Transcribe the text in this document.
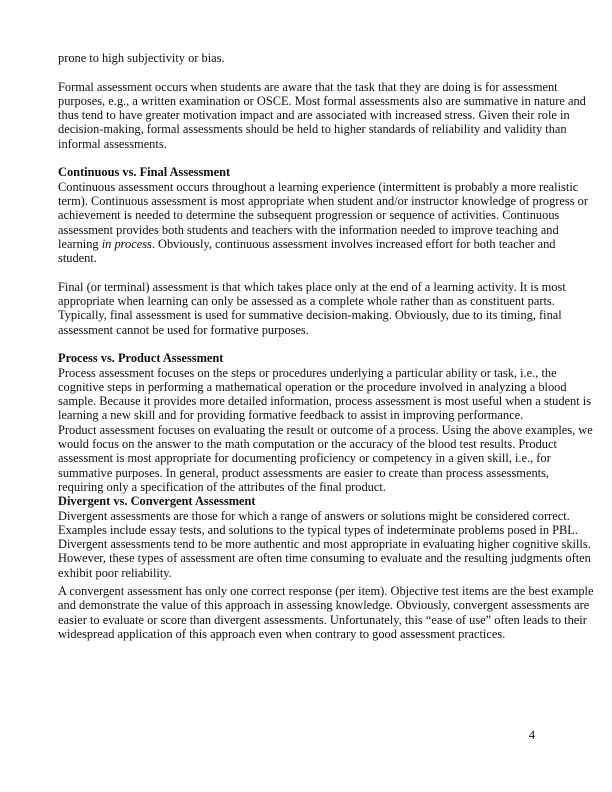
prone to high subjectivity or bias.

Formal assessment occurs when students are aware that the task that they are doing is for assessment purposes, e.g., a written examination or OSCE. Most formal assessments also are summative in nature and thus tend to have greater motivation impact and are associated with increased stress. Given their role in decision-making, formal assessments should be held to higher standards of reliability and validity than informal assessments.

Continuous vs. Final Assessment

Continuous assessment occurs throughout a learning experience (intermittent is probably a more realistic term). Continuous assessment is most appropriate when student and/or instructor knowledge of progress or achievement is needed to determine the subsequent progression or sequence of activities. Continuous assessment provides both students and teachers with the information needed to improve teaching and learning in process. Obviously, continuous assessment involves increased effort for both teacher and student.

Final (or terminal) assessment is that which takes place only at the end of a learning activity. It is most appropriate when learning can only be assessed as a complete whole rather than as constituent parts. Typically, final assessment is used for summative decision-making. Obviously, due to its timing, final assessment cannot be used for formative purposes.

Process vs. Product Assessment

Process assessment focuses on the steps or procedures underlying a particular ability or task, i.e., the cognitive steps in performing a mathematical operation or the procedure involved in analyzing a blood sample. Because it provides more detailed information, process assessment is most useful when a student is learning a new skill and for providing formative feedback to assist in improving performance.

Product assessment focuses on evaluating the result or outcome of a process. Using the above examples, we would focus on the answer to the math computation or the accuracy of the blood test results. Product assessment is most appropriate for documenting proficiency or competency in a given skill, i.e., for summative purposes. In general, product assessments are easier to create than process assessments, requiring only a specification of the attributes of the final product.

Divergent vs. Convergent Assessment

Divergent assessments are those for which a range of answers or solutions might be considered correct. Examples include essay tests, and solutions to the typical types of indeterminate problems posed in PBL. Divergent assessments tend to be more authentic and most appropriate in evaluating higher cognitive skills. However, these types of assessment are often time consuming to evaluate and the resulting judgments often exhibit poor reliability.

A convergent assessment has only one correct response (per item). Objective test items are the best example and demonstrate the value of this approach in assessing knowledge. Obviously, convergent assessments are easier to evaluate or score than divergent assessments. Unfortunately, this “ease of use” often leads to their widespread application of this approach even when contrary to good assessment practices.

4
